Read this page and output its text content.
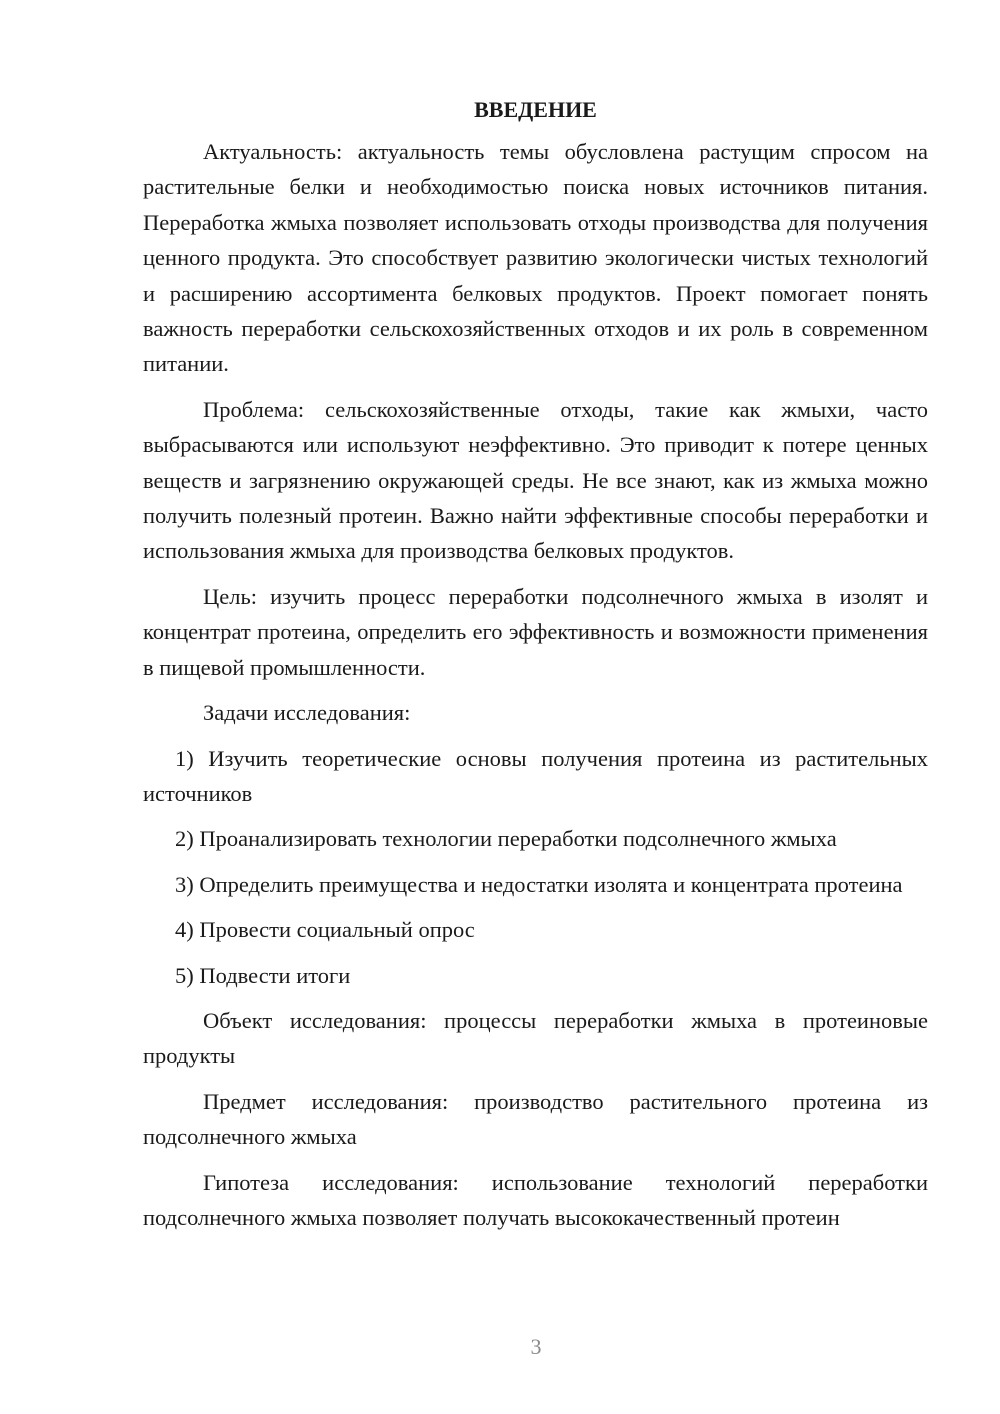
ВВЕДЕНИЕ

Актуальность: актуальность темы обусловлена растущим спросом на растительные белки и необходимостью поиска новых источников питания. Переработка жмыха позволяет использовать отходы производства для получения ценного продукта. Это способствует развитию экологически чистых технологий и расширению ассортимента белковых продуктов. Проект помогает понять важность переработки сельскохозяйственных отходов и их роль в современном питании.

Проблема: сельскохозяйственные отходы, такие как жмыхи, часто выбрасываются или используют неэффективно. Это приводит к потере ценных веществ и загрязнению окружающей среды. Не все знают, как из жмыха можно получить полезный протеин. Важно найти эффективные способы переработки и использования жмыха для производства белковых продуктов.

Цель: изучить процесс переработки подсолнечного жмыха в изолят и концентрат протеина, определить его эффективность и возможности применения в пищевой промышленности.

Задачи исследования:

1) Изучить теоретические основы получения протеина из растительных источников

2) Проанализировать технологии переработки подсолнечного жмыха

3) Определить преимущества и недостатки изолята и концентрата протеина

4) Провести социальный опрос

5) Подвести итоги

Объект исследования: процессы переработки жмыха в протеиновые продукты

Предмет исследования: производство растительного протеина из подсолнечного жмыха

Гипотеза исследования: использование технологий переработки подсолнечного жмыха позволяет получать высококачественный протеин

3
